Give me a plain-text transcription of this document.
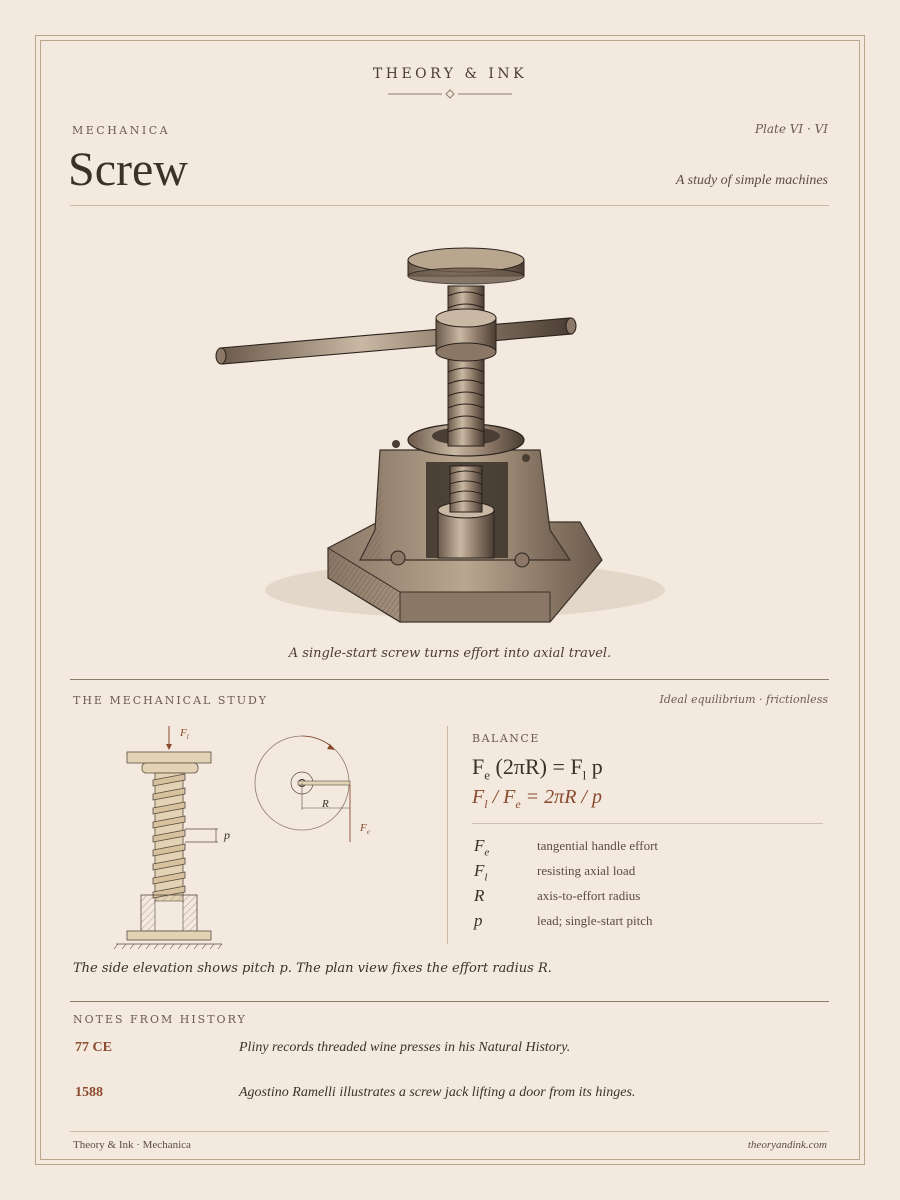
THEORY & INK
MECHANICA	Plate VI · VI
Screw	A study of simple machines
A single-start screw turns effort into axial travel.
THE MECHANICAL STUDY	Ideal equilibrium · frictionless
$F_l$
p
R
$F_e$
BALANCE
$F_e$ $(2\pi R) = F_l$ p
$F_l / F_e = 2\pi R / p$
$F_e$	tangential handle effort
$F_l$	resisting axial load
R	axis-to-effort radius
p	lead; single-start pitch
The side elevation shows pitch p. The plan view fixes the effort radius R.
NOTES FROM HISTORY
77 CE	Pliny records threaded wine presses in his Natural History.
1588	Agostino Ramelli illustrates a screw jack lifting a door from its hinges.
Theory & Ink · Mechanica	theoryandink.com
